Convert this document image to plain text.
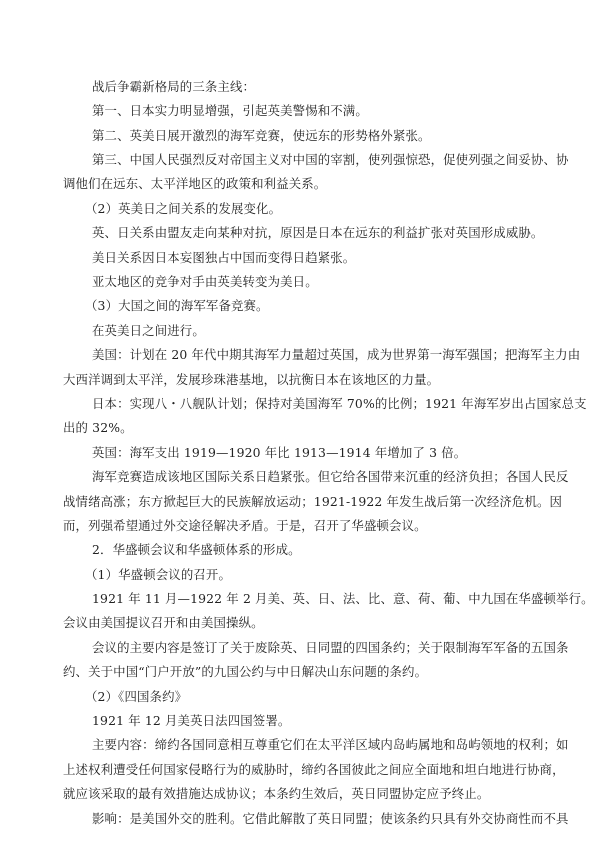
战后争霸新格局的三条主线：
第一、日本实力明显增强，引起英美警惕和不满。
第二、英美日展开激烈的海军竞赛，使远东的形势格外紧张。
第三、中国人民强烈反对帝国主义对中国的宰割，使列强惊恐，促使列强之间妥协、协
调他们在远东、太平洋地区的政策和利益关系。
（2）英美日之间关系的发展变化。
英、日关系由盟友走向某种对抗，原因是日本在远东的利益扩张对英国形成威胁。
美日关系因日本妄图独占中国而变得日趋紧张。
亚太地区的竞争对手由英美转变为美日。
（3）大国之间的海军军备竞赛。
在英美日之间进行。
美国：计划在 20 年代中期其海军力量超过英国，成为世界第一海军强国；把海军主力由
大西洋调到太平洋，发展珍珠港基地，以抗衡日本在该地区的力量。
日本：实现八・八舰队计划；保持对美国海军 70%的比例；1921 年海军岁出占国家总支
出的 32%。
英国：海军支出 1919—1920 年比 1913—1914 年增加了 3 倍。
海军竞赛造成该地区国际关系日趋紧张。但它给各国带来沉重的经济负担；各国人民反
战情绪高涨；东方掀起巨大的民族解放运动；1921-1922 年发生战后第一次经济危机。因
而，列强希望通过外交途径解决矛盾。于是，召开了华盛顿会议。
2．华盛顿会议和华盛顿体系的形成。
（1）华盛顿会议的召开。
1921 年 11 月—1922 年 2 月美、英、日、法、比、意、荷、葡、中九国在华盛顿举行。
会议由美国提议召开和由美国操纵。
会议的主要内容是签订了关于废除英、日同盟的四国条约；关于限制海军军备的五国条
约、关于中国“门户开放”的九国公约与中日解决山东问题的条约。
（2）《四国条约》
1921 年 12 月美英日法四国签署。
主要内容：缔约各国同意相互尊重它们在太平洋区域内岛屿属地和岛屿领地的权利；如
上述权利遭受任何国家侵略行为的威胁时，缔约各国彼此之间应全面地和坦白地进行协商，
就应该采取的最有效措施达成协议；本条约生效后，英日同盟协定应予终止。
影响：是美国外交的胜利。它借此解散了英日同盟；使该条约只具有外交协商性而不具
